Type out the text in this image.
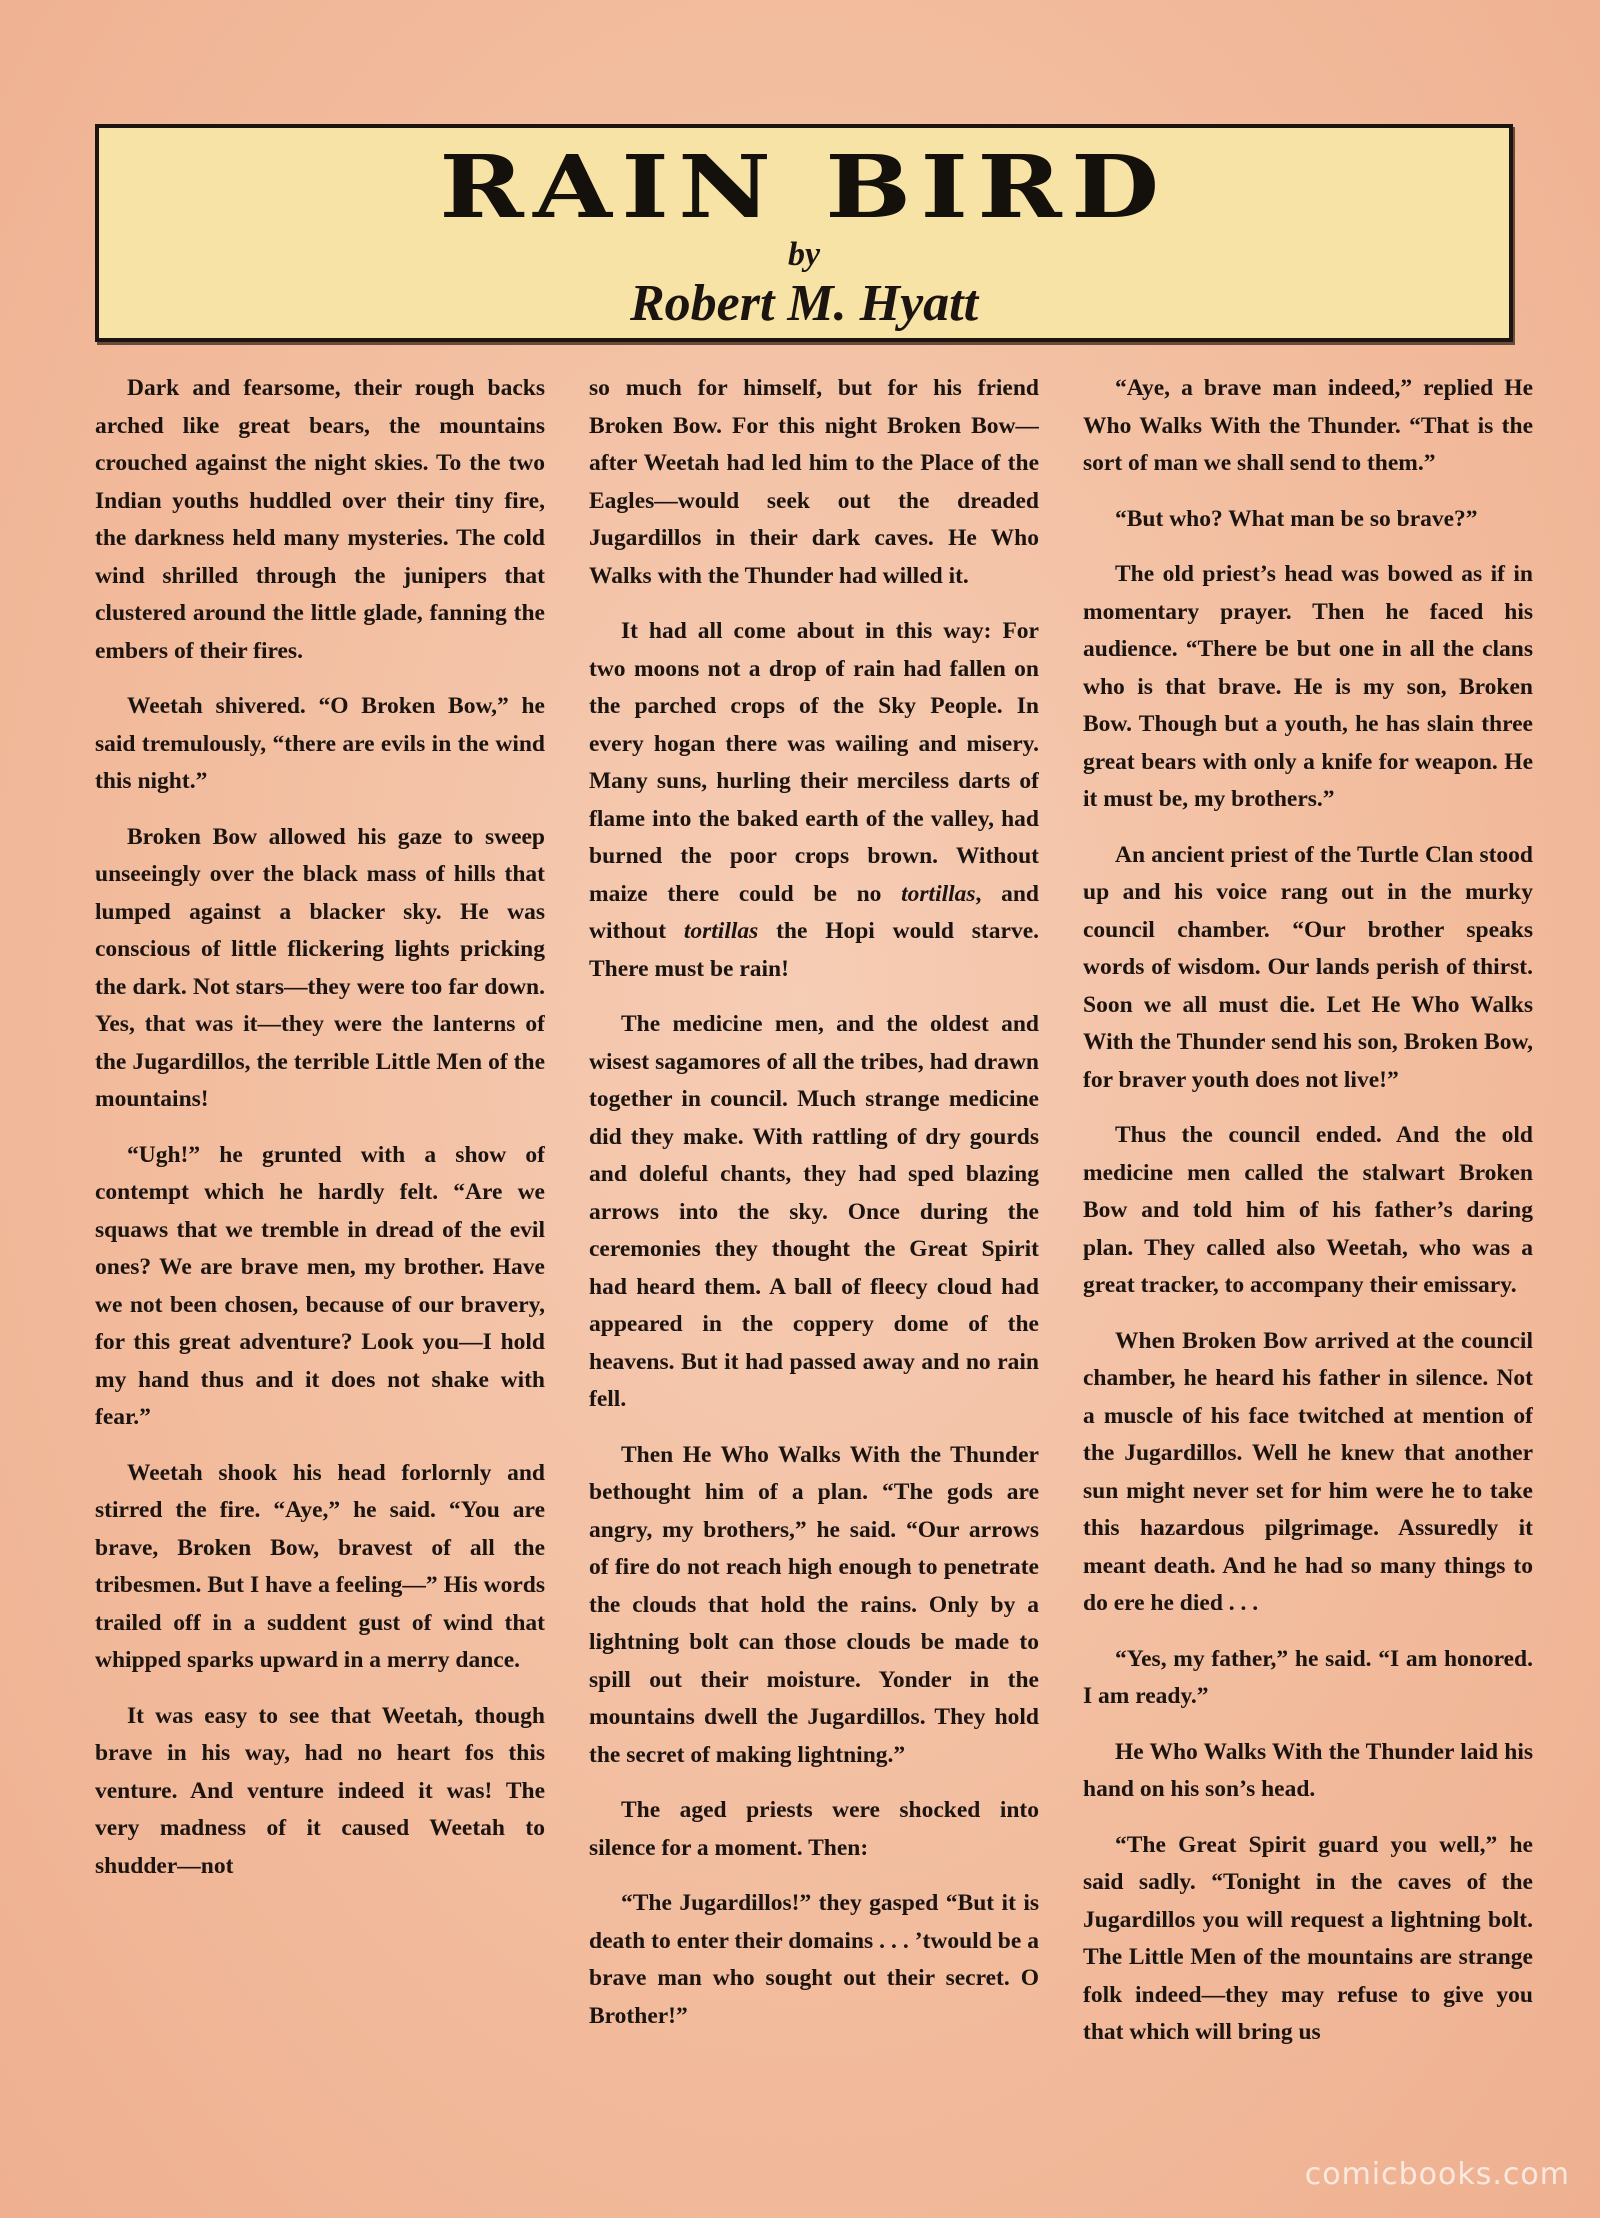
RAIN BIRD
by
Robert M. Hyatt

Dark and fearsome, their rough backs arched like great bears, the mountains crouched against the night skies. To the two Indian youths huddled over their tiny fire, the darkness held many mysteries. The cold wind shrilled through the junipers that clustered around the little glade, fanning the embers of their fires.

Weetah shivered. “O Broken Bow,” he said tremulously, “there are evils in the wind this night.”

Broken Bow allowed his gaze to sweep unseeingly over the black mass of hills that lumped against a blacker sky. He was conscious of little flickering lights pricking the dark. Not stars—they were too far down. Yes, that was it—they were the lanterns of the Jugardillos, the terrible Little Men of the mountains!

“Ugh!” he grunted with a show of contempt which he hardly felt. “Are we squaws that we tremble in dread of the evil ones? We are brave men, my brother. Have we not been chosen, because of our bravery, for this great adventure? Look you—I hold my hand thus and it does not shake with fear.”

Weetah shook his head forlornly and stirred the fire. “Aye,” he said. “You are brave, Broken Bow, bravest of all the tribesmen. But I have a feeling—” His words trailed off in a suddent gust of wind that whipped sparks upward in a merry dance.

It was easy to see that Weetah, though brave in his way, had no heart fos this venture. And venture indeed it was! The very madness of it caused Weetah to shudder—not

so much for himself, but for his friend Broken Bow. For this night Broken Bow—after Weetah had led him to the Place of the Eagles—would seek out the dreaded Jugardillos in their dark caves. He Who Walks with the Thunder had willed it.

It had all come about in this way: For two moons not a drop of rain had fallen on the parched crops of the Sky People. In every hogan there was wailing and misery. Many suns, hurling their merciless darts of flame into the baked earth of the valley, had burned the poor crops brown. Without maize there could be no tortillas, and without tortillas the Hopi would starve. There must be rain!

The medicine men, and the oldest and wisest sagamores of all the tribes, had drawn together in council. Much strange medicine did they make. With rattling of dry gourds and doleful chants, they had sped blazing arrows into the sky. Once during the ceremonies they thought the Great Spirit had heard them. A ball of fleecy cloud had appeared in the coppery dome of the heavens. But it had passed away and no rain fell.

Then He Who Walks With the Thunder bethought him of a plan. “The gods are angry, my brothers,” he said. “Our arrows of fire do not reach high enough to penetrate the clouds that hold the rains. Only by a lightning bolt can those clouds be made to spill out their moisture. Yonder in the mountains dwell the Jugardillos. They hold the secret of making lightning.”

The aged priests were shocked into silence for a moment. Then:

“The Jugardillos!” they gasped “But it is death to enter their domains . . . ’twould be a brave man who sought out their secret. O Brother!”

“Aye, a brave man indeed,” replied He Who Walks With the Thunder. “That is the sort of man we shall send to them.”

“But who? What man be so brave?”

The old priest’s head was bowed as if in momentary prayer. Then he faced his audience. “There be but one in all the clans who is that brave. He is my son, Broken Bow. Though but a youth, he has slain three great bears with only a knife for weapon. He it must be, my brothers.”

An ancient priest of the Turtle Clan stood up and his voice rang out in the murky council chamber. “Our brother speaks words of wisdom. Our lands perish of thirst. Soon we all must die. Let He Who Walks With the Thunder send his son, Broken Bow, for braver youth does not live!”

Thus the council ended. And the old medicine men called the stalwart Broken Bow and told him of his father’s daring plan. They called also Weetah, who was a great tracker, to accompany their emissary.

When Broken Bow arrived at the council chamber, he heard his father in silence. Not a muscle of his face twitched at mention of the Jugardillos. Well he knew that another sun might never set for him were he to take this hazardous pilgrimage. Assuredly it meant death. And he had so many things to do ere he died . . .

“Yes, my father,” he said. “I am honored. I am ready.”

He Who Walks With the Thunder laid his hand on his son’s head.

“The Great Spirit guard you well,” he said sadly. “Tonight in the caves of the Jugardillos you will request a lightning bolt. The Little Men of the mountains are strange folk indeed—they may refuse to give you that which will bring us

comicbooks.com
